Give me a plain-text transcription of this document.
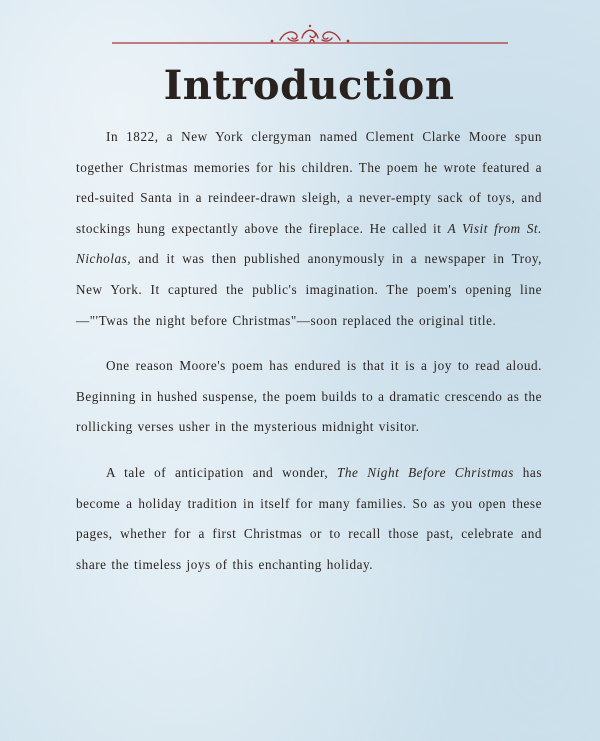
Introduction

In 1822, a New York clergyman named Clement Clarke Moore spun together Christmas memories for his children. The poem he wrote featured a red-suited Santa in a reindeer-drawn sleigh, a never-empty sack of toys, and stockings hung expectantly above the fireplace. He called it A Visit from St. Nicholas, and it was then published anonymously in a newspaper in Troy, New York. It captured the public's imagination. The poem's opening line—"'Twas the night before Christmas"—soon replaced the original title.

One reason Moore's poem has endured is that it is a joy to read aloud. Beginning in hushed suspense, the poem builds to a dramatic crescendo as the rollicking verses usher in the mysterious midnight visitor.

A tale of anticipation and wonder, The Night Before Christmas has become a holiday tradition in itself for many families. So as you open these pages, whether for a first Christmas or to recall those past, celebrate and share the timeless joys of this enchanting holiday.
